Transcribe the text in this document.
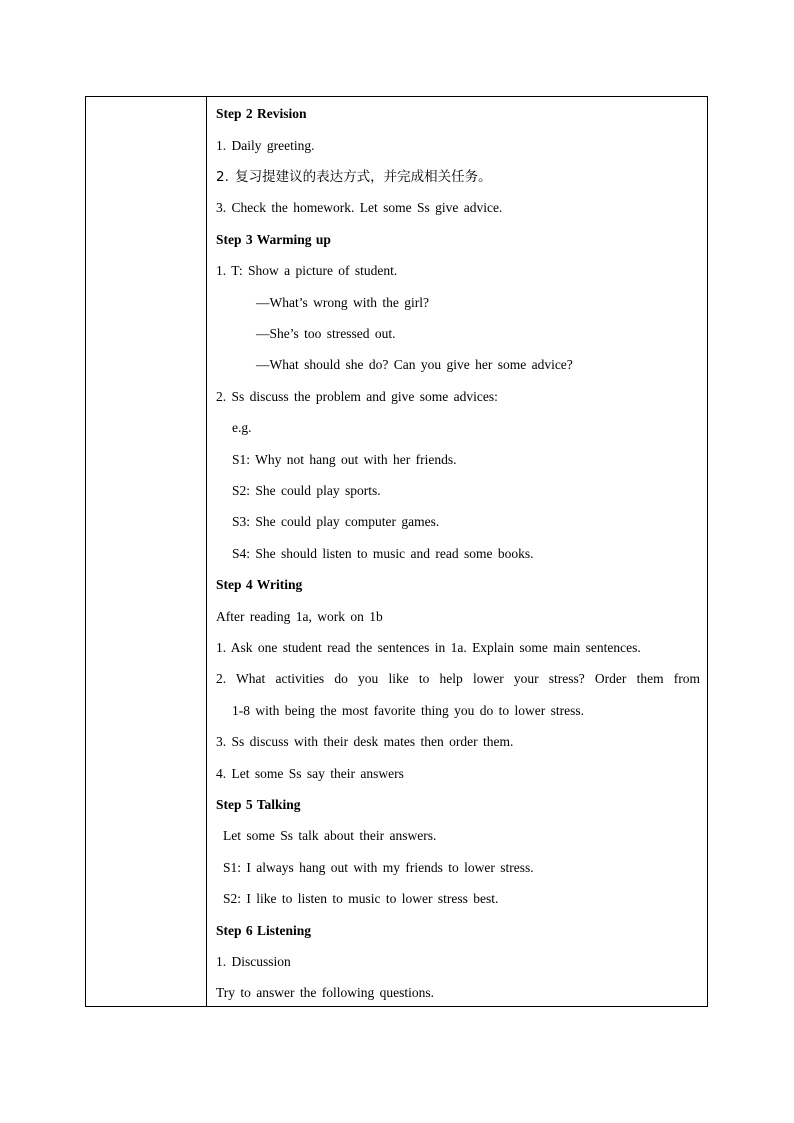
Step 2 Revision
1. Daily greeting.
2. 复习提建议的表达方式，并完成相关任务。
3. Check the homework. Let some Ss give advice.
Step 3 Warming up
1. T: Show a picture of student.
—What’s wrong with the girl?
—She’s too stressed out.
—What should she do? Can you give her some advice?
2. Ss discuss the problem and give some advices:
e.g.
S1: Why not hang out with her friends.
S2: She could play sports.
S3: She could play computer games.
S4: She should listen to music and read some books.
Step 4 Writing
After reading 1a, work on 1b
1. Ask one student read the sentences in 1a. Explain some main sentences.
2. What activities do you like to help lower your stress? Order them from
1-8 with being the most favorite thing you do to lower stress.
3. Ss discuss with their desk mates then order them.
4. Let some Ss say their answers
Step 5 Talking
Let some Ss talk about their answers.
S1: I always hang out with my friends to lower stress.
S2: I like to listen to music to lower stress best.
Step 6 Listening
1. Discussion
Try to answer the following questions.
